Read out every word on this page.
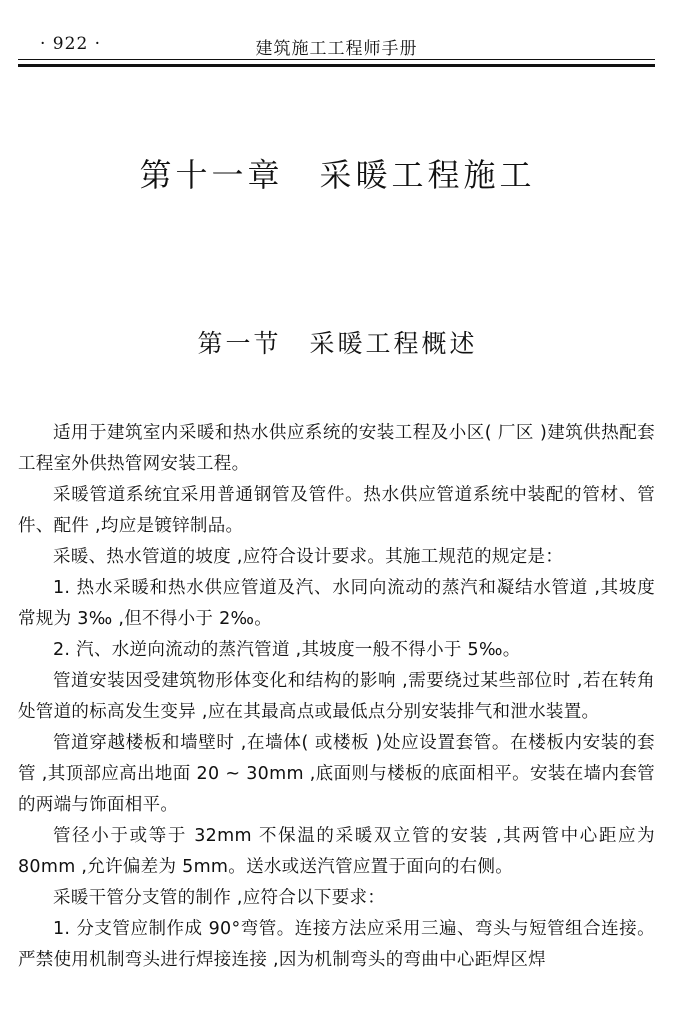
· 922 ·	建筑施工工程师手册
第十一章　采暖工程施工
第一节　采暖工程概述

适用于建筑室内采暖和热水供应系统的安装工程及小区( 厂区 )建筑供热配套工程室外供热管网安装工程。

采暖管道系统宜采用普通钢管及管件。热水供应管道系统中装配的管材、管件、配件 ,均应是镀锌制品。

采暖、热水管道的坡度 ,应符合设计要求。其施工规范的规定是：

1. 热水采暖和热水供应管道及汽、水同向流动的蒸汽和凝结水管道 ,其坡度常规为 3‰ ,但不得小于 2‰。

2. 汽、水逆向流动的蒸汽管道 ,其坡度一般不得小于 5‰。

管道安装因受建筑物形体变化和结构的影响 ,需要绕过某些部位时 ,若在转角处管道的标高发生变异 ,应在其最高点或最低点分别安装排气和泄水装置。

管道穿越楼板和墙壁时 ,在墙体( 或楼板 )处应设置套管。在楼板内安装的套管 ,其顶部应高出地面 20 ~ 30mm ,底面则与楼板的底面相平。安装在墙内套管的两端与饰面相平。

管径小于或等于 32mm 不保温的采暖双立管的安装 ,其两管中心距应为80mm ,允许偏差为 5mm。送水或送汽管应置于面向的右侧。

采暖干管分支管的制作 ,应符合以下要求：

1. 分支管应制作成 90°弯管。连接方法应采用三遍、弯头与短管组合连接。严禁使用机制弯头进行焊接连接 ,因为机制弯头的弯曲中心距焊区焊
